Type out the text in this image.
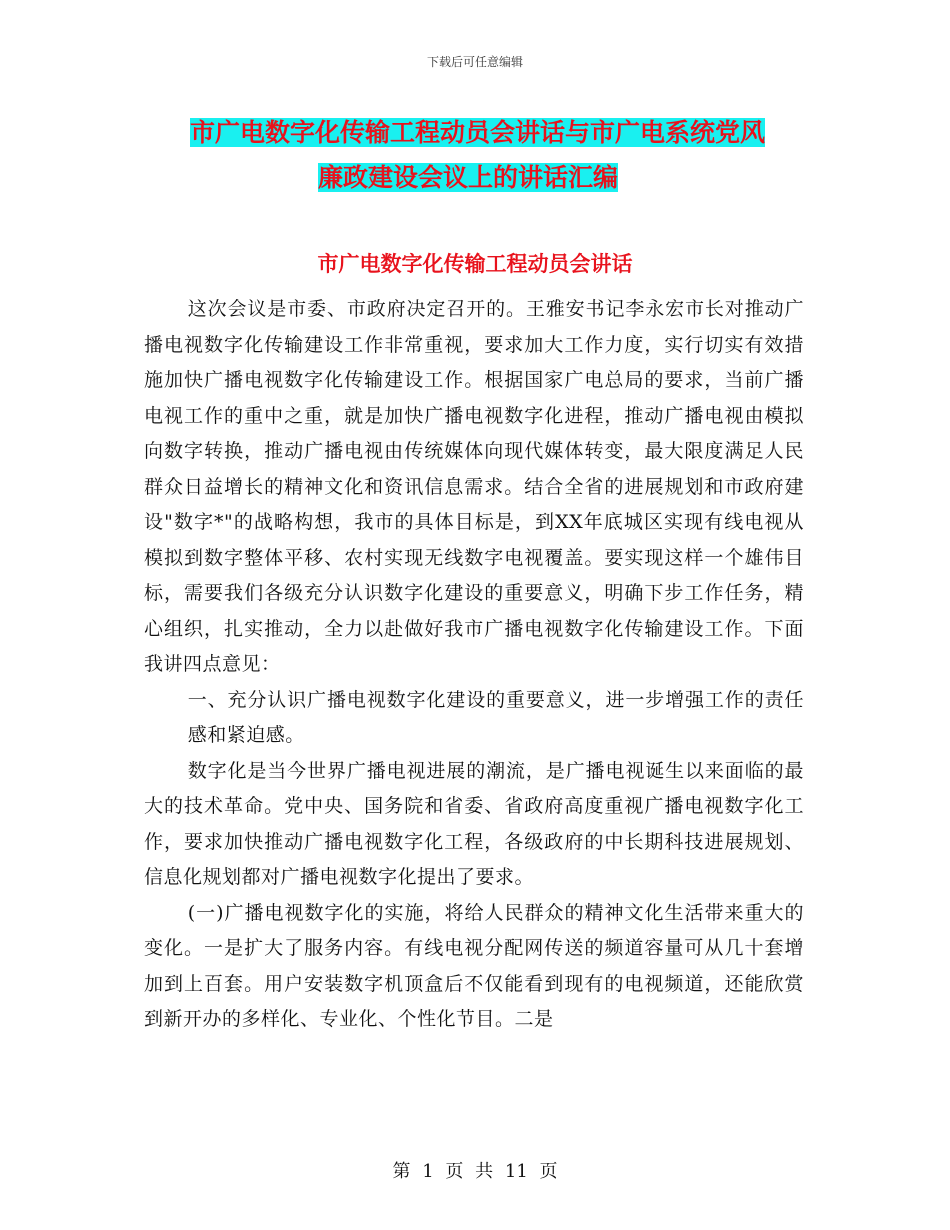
下载后可任意编辑
市广电数字化传输工程动员会讲话与市广电系统党风
廉政建设会议上的讲话汇编
市广电数字化传输工程动员会讲话

这次会议是市委、市政府决定召开的。王雅安书记李永宏市长对推动广播电视数字化传输建设工作非常重视，要求加大工作力度，实行切实有效措施加快广播电视数字化传输建设工作。根据国家广电总局的要求，当前广播电视工作的重中之重，就是加快广播电视数字化进程，推动广播电视由模拟向数字转换，推动广播电视由传统媒体向现代媒体转变，最大限度满足人民群众日益增长的精神文化和资讯信息需求。结合全省的进展规划和市政府建设"数字*"的战略构想，我市的具体目标是，到XX年底城区实现有线电视从模拟到数字整体平移、农村实现无线数字电视覆盖。要实现这样一个雄伟目标，需要我们各级充分认识数字化建设的重要意义，明确下步工作任务，精心组织，扎实推动，全力以赴做好我市广播电视数字化传输建设工作。下面我讲四点意见：

一、充分认识广播电视数字化建设的重要意义，进一步增强工作的责任感和紧迫感。

数字化是当今世界广播电视进展的潮流，是广播电视诞生以来面临的最大的技术革命。党中央、国务院和省委、省政府高度重视广播电视数字化工作，要求加快推动广播电视数字化工程，各级政府的中长期科技进展规划、信息化规划都对广播电视数字化提出了要求。

(一)广播电视数字化的实施，将给人民群众的精神文化生活带来重大的变化。一是扩大了服务内容。有线电视分配网传送的频道容量可从几十套增加到上百套。用户安装数字机顶盒后不仅能看到现有的电视频道，还能欣赏到新开办的多样化、专业化、个性化节目。二是

第 1 页 共 11 页
